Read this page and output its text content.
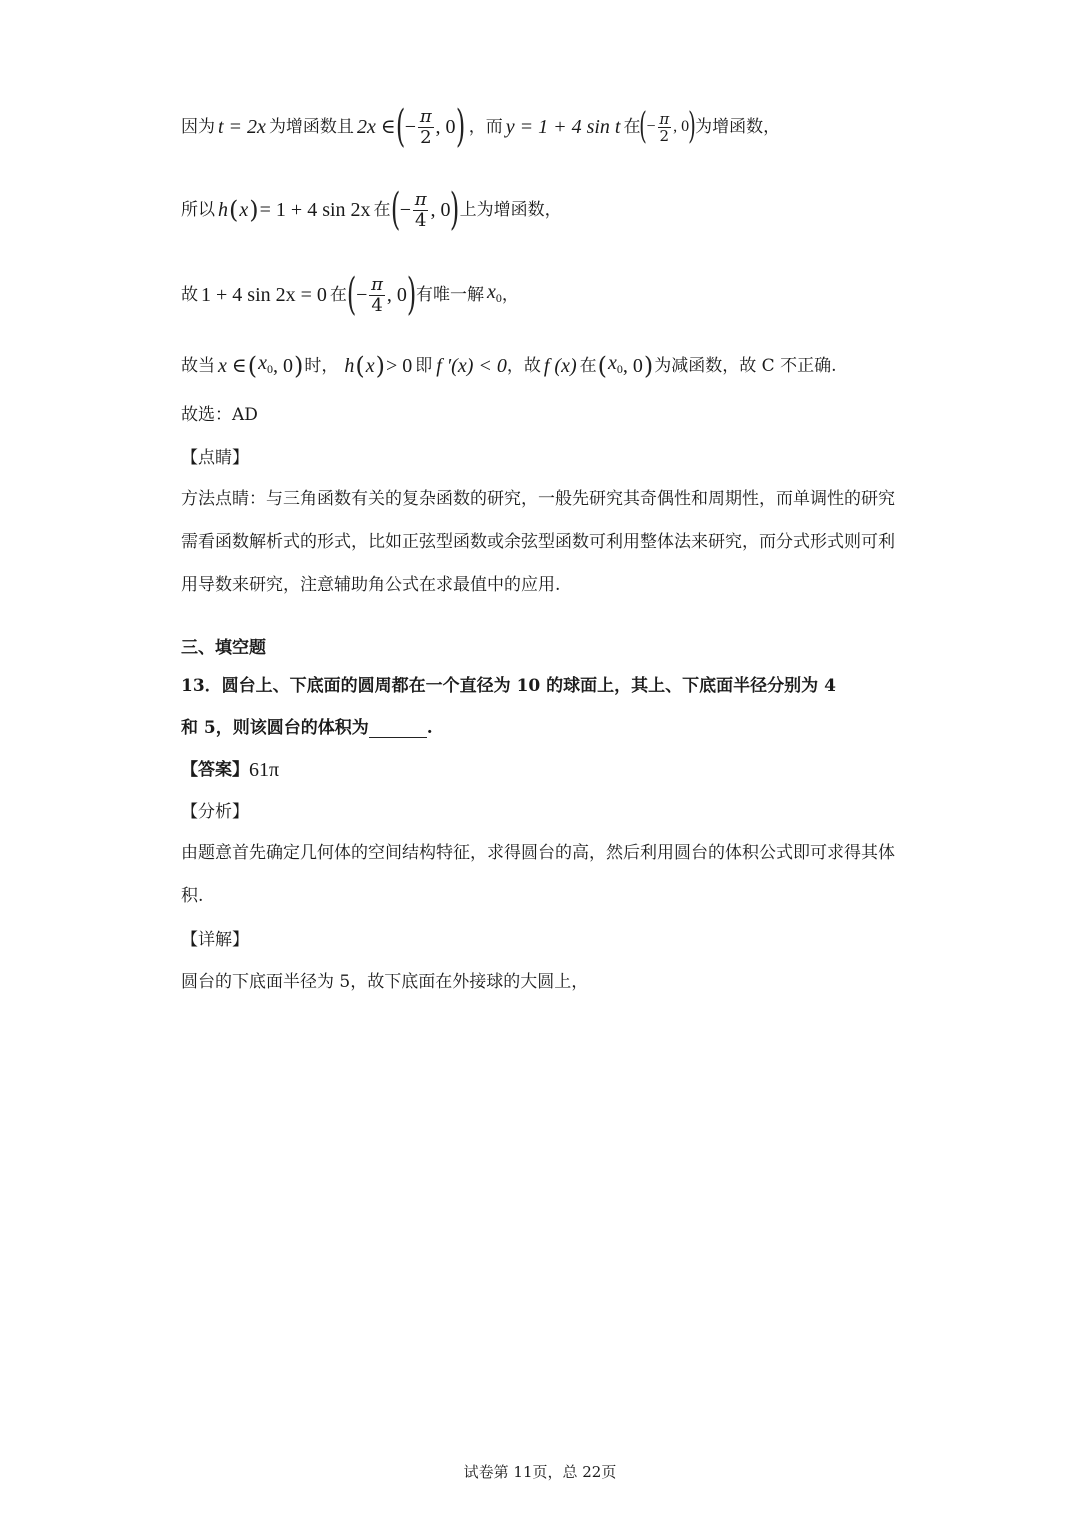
因为 t = 2x 为增函数且 2x ∈ ( − $\frac{\pi}{2}$ , 0 ) ，而 y = 1 + 4 sin t 在 ( − $\frac{\pi}{2}$ , 0 ) 为增函数，
所以 h ( x ) = 1 + 4 sin 2x 在 ( − $\frac{\pi}{4}$ , 0 ) 上为增函数，
故 1 + 4 sin 2x = 0 在 ( − $\frac{\pi}{4}$ , 0 ) 有唯一解 $x_0$ ，
故当 x ∈ ( $x_0$ , 0 ) 时， h ( x ) > 0 即 f ′(x) < 0 ，故 f (x) 在 ( $x_0$ , 0 ) 为减函数，故 C 不正确.
故选：AD
【点睛】
方法点睛：与三角函数有关的复杂函数的研究，一般先研究其奇偶性和周期性，而单调性的研究需看函数解析式的形式，比如正弦型函数或余弦型函数可利用整体法来研究，而分式形式则可利用导数来研究，注意辅助角公式在求最值中的应用.
三、填空题
13．圆台上、下底面的圆周都在一个直径为 10 的球面上，其上、下底面半径分别为 4
和 5，则该圆台的体积为	.
【答案】 61π
【分析】
由题意首先确定几何体的空间结构特征，求得圆台的高，然后利用圆台的体积公式即可求得其体积.
【详解】
圆台的下底面半径为 5，故下底面在外接球的大圆上，
试卷第 11页，总 22页
